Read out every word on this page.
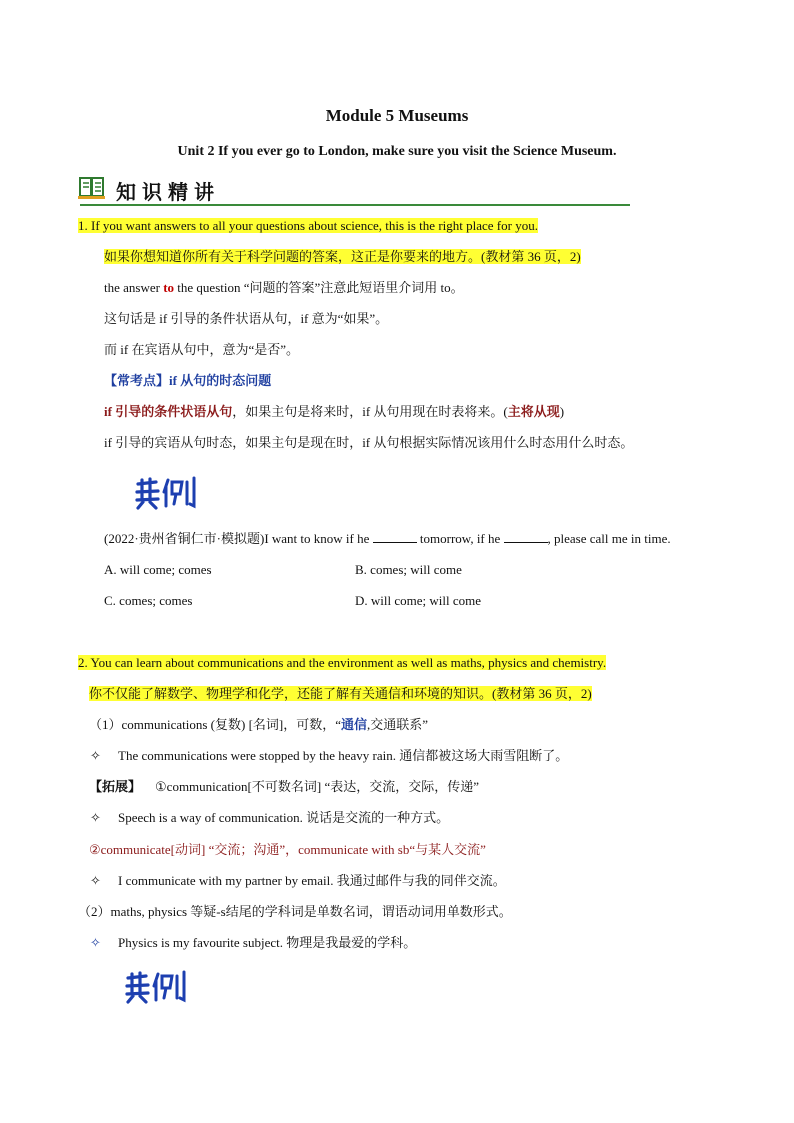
Module 5 Museums
Unit 2 If you ever go to London, make sure you visit the Science Museum.
知识精讲
1. If you want answers to all your questions about science, this is the right place for you.
如果你想知道你所有关于科学问题的答案，这正是你要来的地方。(教材第 36 页，2)
the answer to the question “问题的答案”注意此短语里介词用 to。
这句话是 if 引导的条件状语从句，if 意为“如果”。
而 if 在宾语从句中，意为“是否”。
【常考点】if 从句的时态问题
if 引导的条件状语从句，如果主句是将来时，if 从句用现在时表将来。(主将从现)
if 引导的宾语从句时态，如果主句是现在时，if 从句根据实际情况该用什么时态用什么时态。
(2022·贵州省铜仁市·模拟题)I want to know if he	tomorrow, if he	, please call me in time.
A. will come; comes	B. comes; will come
C. comes; comes	D. will come; will come
2. You can learn about communications and the environment as well as maths, physics and chemistry.
你不仅能了解数学、物理学和化学，还能了解有关通信和环境的知识。(教材第 36 页，2)
（1）communications (复数) [名词]，可数，“通信,交通联系”
✧ The communications were stopped by the heavy rain. 通信都被这场大雨雪阻断了。
【拓展】 ①communication[不可数名词] “表达，交流，交际，传递”
✧ Speech is a way of communication. 说话是交流的一种方式。
②communicate[动词] “交流；沟通”，communicate with sb“与某人交流”
✧ I communicate with my partner by email. 我通过邮件与我的同伴交流。
（2）maths, physics 等疑-s结尾的学科词是单数名词，谓语动词用单数形式。
✧ Physics is my favourite subject. 物理是我最爱的学科。
